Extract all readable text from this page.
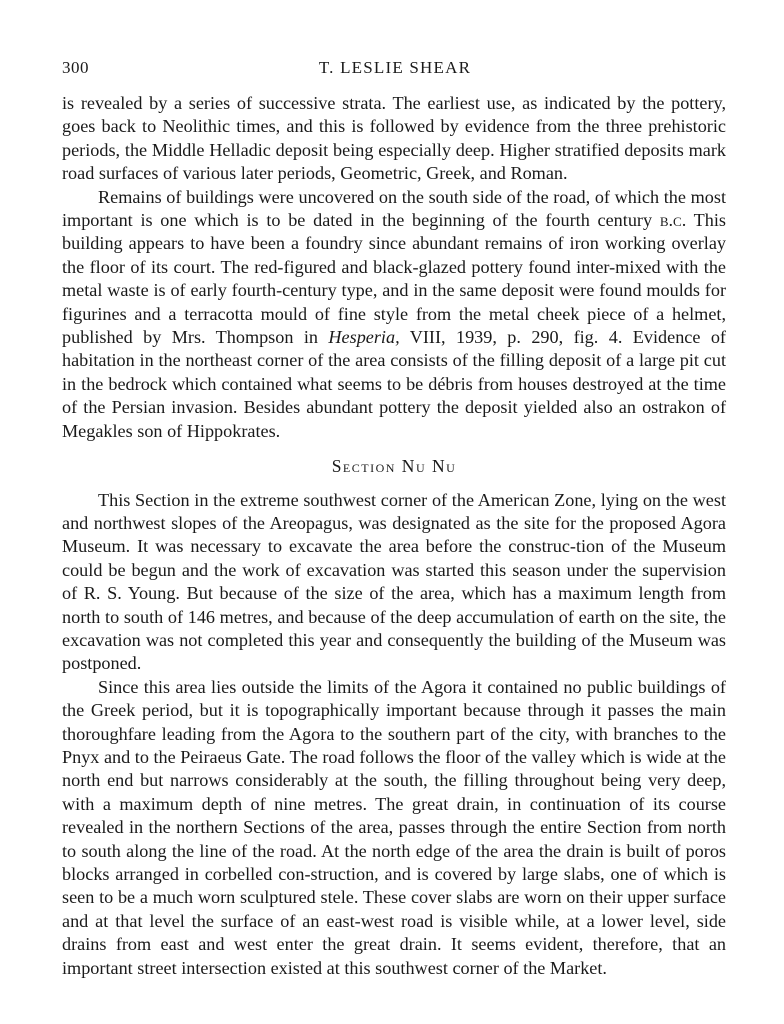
300	T. LESLIE SHEAR

is revealed by a series of successive strata. The earliest use, as indicated by the pottery, goes back to Neolithic times, and this is followed by evidence from the three prehistoric periods, the Middle Helladic deposit being especially deep. Higher stratified deposits mark road surfaces of various later periods, Geometric, Greek, and Roman.

Remains of buildings were uncovered on the south side of the road, of which the most important is one which is to be dated in the beginning of the fourth century b.c. This building appears to have been a foundry since abundant remains of iron working overlay the floor of its court. The red-figured and black-glazed pottery found inter-mixed with the metal waste is of early fourth-century type, and in the same deposit were found moulds for figurines and a terracotta mould of fine style from the metal cheek piece of a helmet, published by Mrs. Thompson in Hesperia, VIII, 1939, p. 290, fig. 4. Evidence of habitation in the northeast corner of the area consists of the filling deposit of a large pit cut in the bedrock which contained what seems to be débris from houses destroyed at the time of the Persian invasion. Besides abundant pottery the deposit yielded also an ostrakon of Megakles son of Hippokrates.

Section Nu Nu

This Section in the extreme southwest corner of the American Zone, lying on the west and northwest slopes of the Areopagus, was designated as the site for the proposed Agora Museum. It was necessary to excavate the area before the construc-tion of the Museum could be begun and the work of excavation was started this season under the supervision of R. S. Young. But because of the size of the area, which has a maximum length from north to south of 146 metres, and because of the deep accumulation of earth on the site, the excavation was not completed this year and consequently the building of the Museum was postponed.

Since this area lies outside the limits of the Agora it contained no public buildings of the Greek period, but it is topographically important because through it passes the main thoroughfare leading from the Agora to the southern part of the city, with branches to the Pnyx and to the Peiraeus Gate. The road follows the floor of the valley which is wide at the north end but narrows considerably at the south, the filling throughout being very deep, with a maximum depth of nine metres. The great drain, in continuation of its course revealed in the northern Sections of the area, passes through the entire Section from north to south along the line of the road. At the north edge of the area the drain is built of poros blocks arranged in corbelled con-struction, and is covered by large slabs, one of which is seen to be a much worn sculptured stele. These cover slabs are worn on their upper surface and at that level the surface of an east-west road is visible while, at a lower level, side drains from east and west enter the great drain. It seems evident, therefore, that an important street intersection existed at this southwest corner of the Market.
